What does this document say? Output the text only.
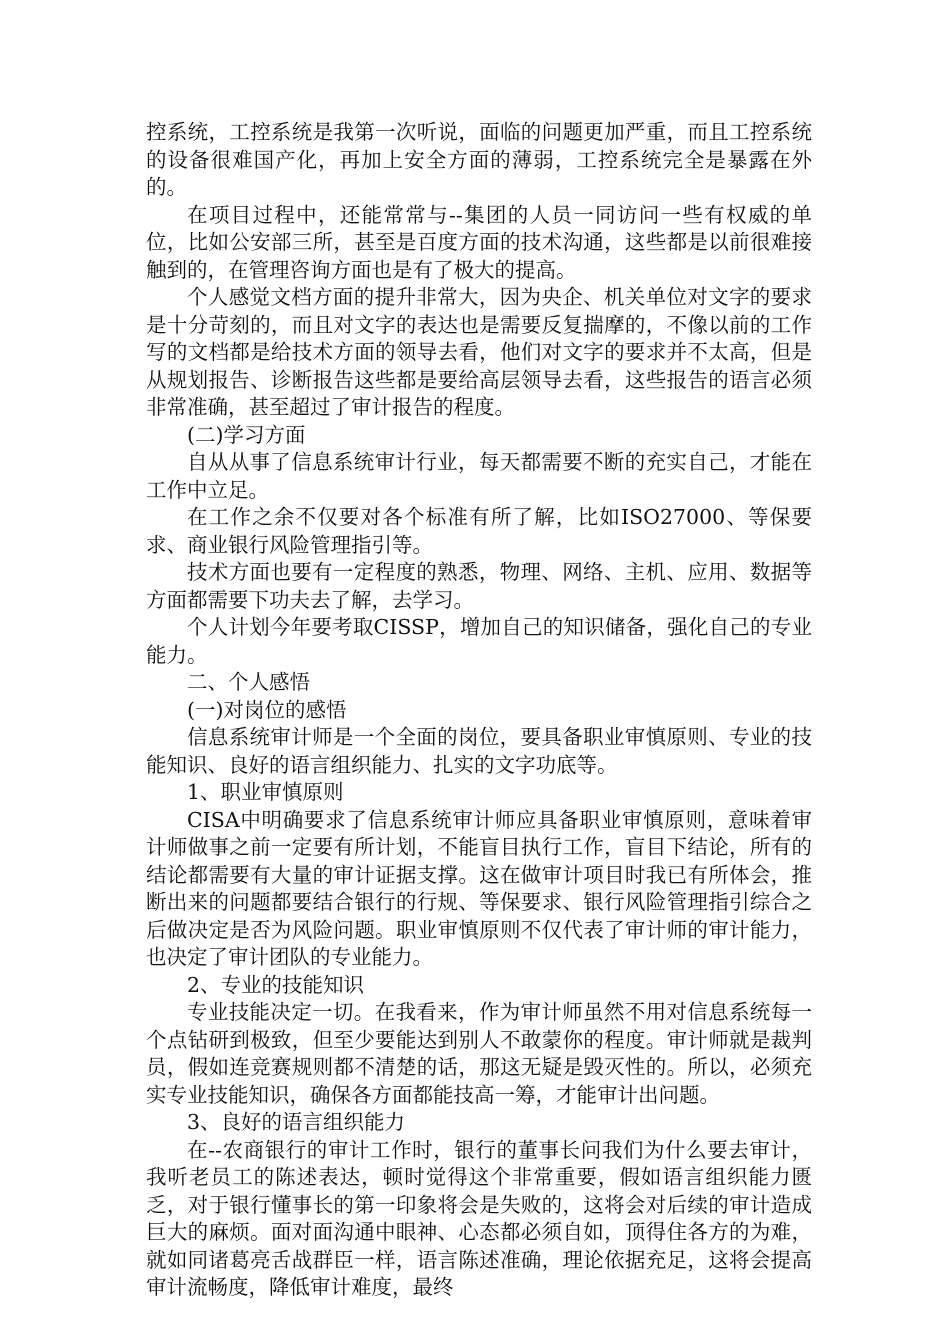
控系统，工控系统是我第一次听说，面临的问题更加严重，而且工控系统的设备很难国产化，再加上安全方面的薄弱，工控系统完全是暴露在外的。

在项目过程中，还能常常与--集团的人员一同访问一些有权威的单位，比如公安部三所，甚至是百度方面的技术沟通，这些都是以前很难接触到的，在管理咨询方面也是有了极大的提高。

个人感觉文档方面的提升非常大，因为央企、机关单位对文字的要求是十分苛刻的，而且对文字的表达也是需要反复揣摩的，不像以前的工作写的文档都是给技术方面的领导去看，他们对文字的要求并不太高，但是从规划报告、诊断报告这些都是要给高层领导去看，这些报告的语言必须非常准确，甚至超过了审计报告的程度。

(二)学习方面

自从从事了信息系统审计行业，每天都需要不断的充实自己，才能在工作中立足。

在工作之余不仅要对各个标准有所了解，比如ISO27000、等保要求、商业银行风险管理指引等。

技术方面也要有一定程度的熟悉，物理、网络、主机、应用、数据等方面都需要下功夫去了解，去学习。

个人计划今年要考取CISSP，增加自己的知识储备，强化自己的专业能力。

二、个人感悟

(一)对岗位的感悟

信息系统审计师是一个全面的岗位，要具备职业审慎原则、专业的技能知识、良好的语言组织能力、扎实的文字功底等。

1、职业审慎原则

CISA中明确要求了信息系统审计师应具备职业审慎原则，意味着审计师做事之前一定要有所计划，不能盲目执行工作，盲目下结论，所有的结论都需要有大量的审计证据支撑。这在做审计项目时我已有所体会，推断出来的问题都要结合银行的行规、等保要求、银行风险管理指引综合之后做决定是否为风险问题。职业审慎原则不仅代表了审计师的审计能力，也决定了审计团队的专业能力。

2、专业的技能知识

专业技能决定一切。在我看来，作为审计师虽然不用对信息系统每一个点钻研到极致，但至少要能达到别人不敢蒙你的程度。审计师就是裁判员，假如连竞赛规则都不清楚的话，那这无疑是毁灭性的。所以，必须充实专业技能知识，确保各方面都能技高一筹，才能审计出问题。

3、良好的语言组织能力

在--农商银行的审计工作时，银行的董事长问我们为什么要去审计，我听老员工的陈述表达，顿时觉得这个非常重要，假如语言组织能力匮乏，对于银行懂事长的第一印象将会是失败的，这将会对后续的审计造成巨大的麻烦。面对面沟通中眼神、心态都必须自如，顶得住各方的为难，就如同诸葛亮舌战群臣一样，语言陈述准确，理论依据充足，这将会提高审计流畅度，降低审计难度，最终
